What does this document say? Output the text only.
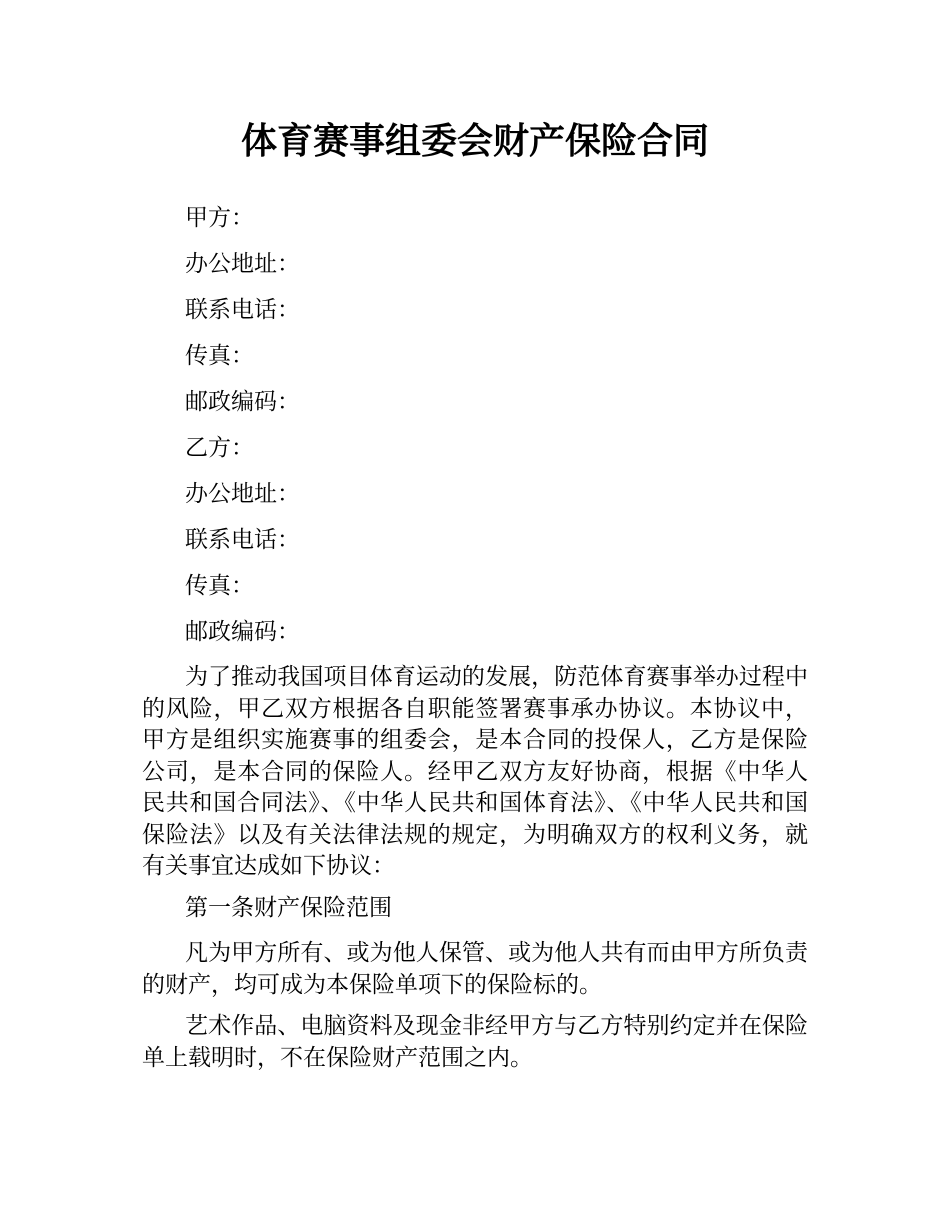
体育赛事组委会财产保险合同

甲方：

办公地址：

联系电话：

传真：

邮政编码：

乙方：

办公地址：

联系电话：

传真：

邮政编码：

为了推动我国项目体育运动的发展，防范体育赛事举办过程中的风险，甲乙双方根据各自职能签署赛事承办协议。本协议中，甲方是组织实施赛事的组委会，是本合同的投保人，乙方是保险公司，是本合同的保险人。经甲乙双方友好协商，根据《中华人民共和国合同法》、《中华人民共和国体育法》、《中华人民共和国保险法》以及有关法律法规的规定，为明确双方的权利义务，就有关事宜达成如下协议：

第一条财产保险范围

凡为甲方所有、或为他人保管、或为他人共有而由甲方所负责的财产，均可成为本保险单项下的保险标的。

艺术作品、电脑资料及现金非经甲方与乙方特别约定并在保险单上载明时，不在保险财产范围之内。
